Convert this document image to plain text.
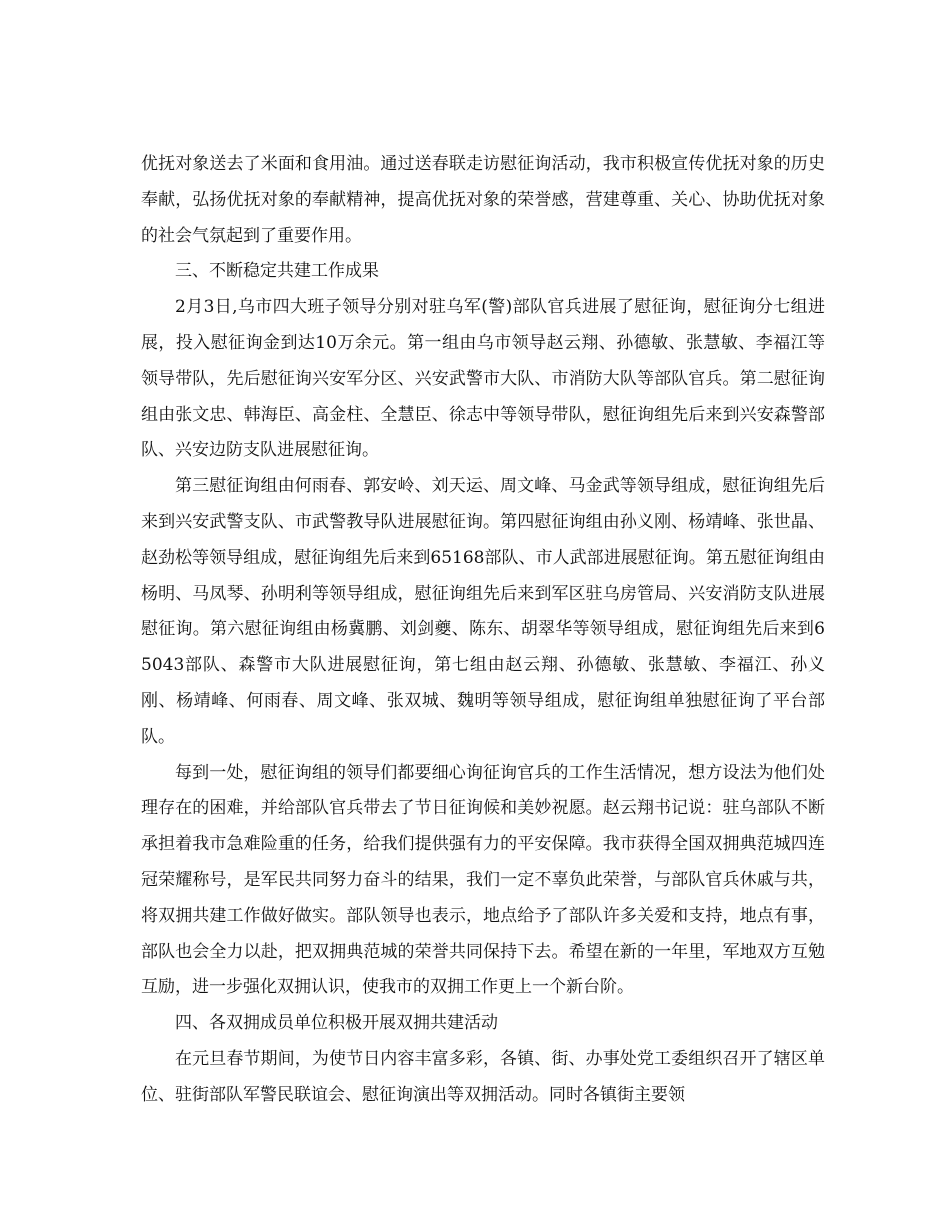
优抚对象送去了米面和食用油。通过送春联走访慰征询活动，我市积极宣传优抚对象的历史奉献，弘扬优抚对象的奉献精神，提高优抚对象的荣誉感，营建尊重、关心、协助优抚对象的社会气氛起到了重要作用。

三、不断稳定共建工作成果

2月3日,乌市四大班子领导分别对驻乌军(警)部队官兵进展了慰征询，慰征询分七组进展，投入慰征询金到达10万余元。第一组由乌市领导赵云翔、孙德敏、张慧敏、李福江等领导带队，先后慰征询兴安军分区、兴安武警市大队、市消防大队等部队官兵。第二慰征询组由张文忠、韩海臣、高金柱、全慧臣、徐志中等领导带队，慰征询组先后来到兴安森警部队、兴安边防支队进展慰征询。

第三慰征询组由何雨春、郭安岭、刘天运、周文峰、马金武等领导组成，慰征询组先后来到兴安武警支队、市武警教导队进展慰征询。第四慰征询组由孙义刚、杨靖峰、张世晶、赵劲松等领导组成，慰征询组先后来到65168部队、市人武部进展慰征询。第五慰征询组由杨明、马凤琴、孙明利等领导组成，慰征询组先后来到军区驻乌房管局、兴安消防支队进展慰征询。第六慰征询组由杨冀鹏、刘剑夔、陈东、胡翠华等领导组成，慰征询组先后来到65043部队、森警市大队进展慰征询，第七组由赵云翔、孙德敏、张慧敏、李福江、孙义刚、杨靖峰、何雨春、周文峰、张双城、魏明等领导组成，慰征询组单独慰征询了平台部队。

每到一处，慰征询组的领导们都要细心询征询官兵的工作生活情况，想方设法为他们处理存在的困难，并给部队官兵带去了节日征询候和美妙祝愿。赵云翔书记说：驻乌部队不断承担着我市急难险重的任务，给我们提供强有力的平安保障。我市获得全国双拥典范城四连冠荣耀称号，是军民共同努力奋斗的结果，我们一定不辜负此荣誉，与部队官兵休戚与共，将双拥共建工作做好做实。部队领导也表示，地点给予了部队许多关爱和支持，地点有事，部队也会全力以赴，把双拥典范城的荣誉共同保持下去。希望在新的一年里，军地双方互勉互励，进一步强化双拥认识，使我市的双拥工作更上一个新台阶。

四、各双拥成员单位积极开展双拥共建活动

在元旦春节期间，为使节日内容丰富多彩，各镇、街、办事处党工委组织召开了辖区单位、驻街部队军警民联谊会、慰征询演出等双拥活动。同时各镇街主要领
